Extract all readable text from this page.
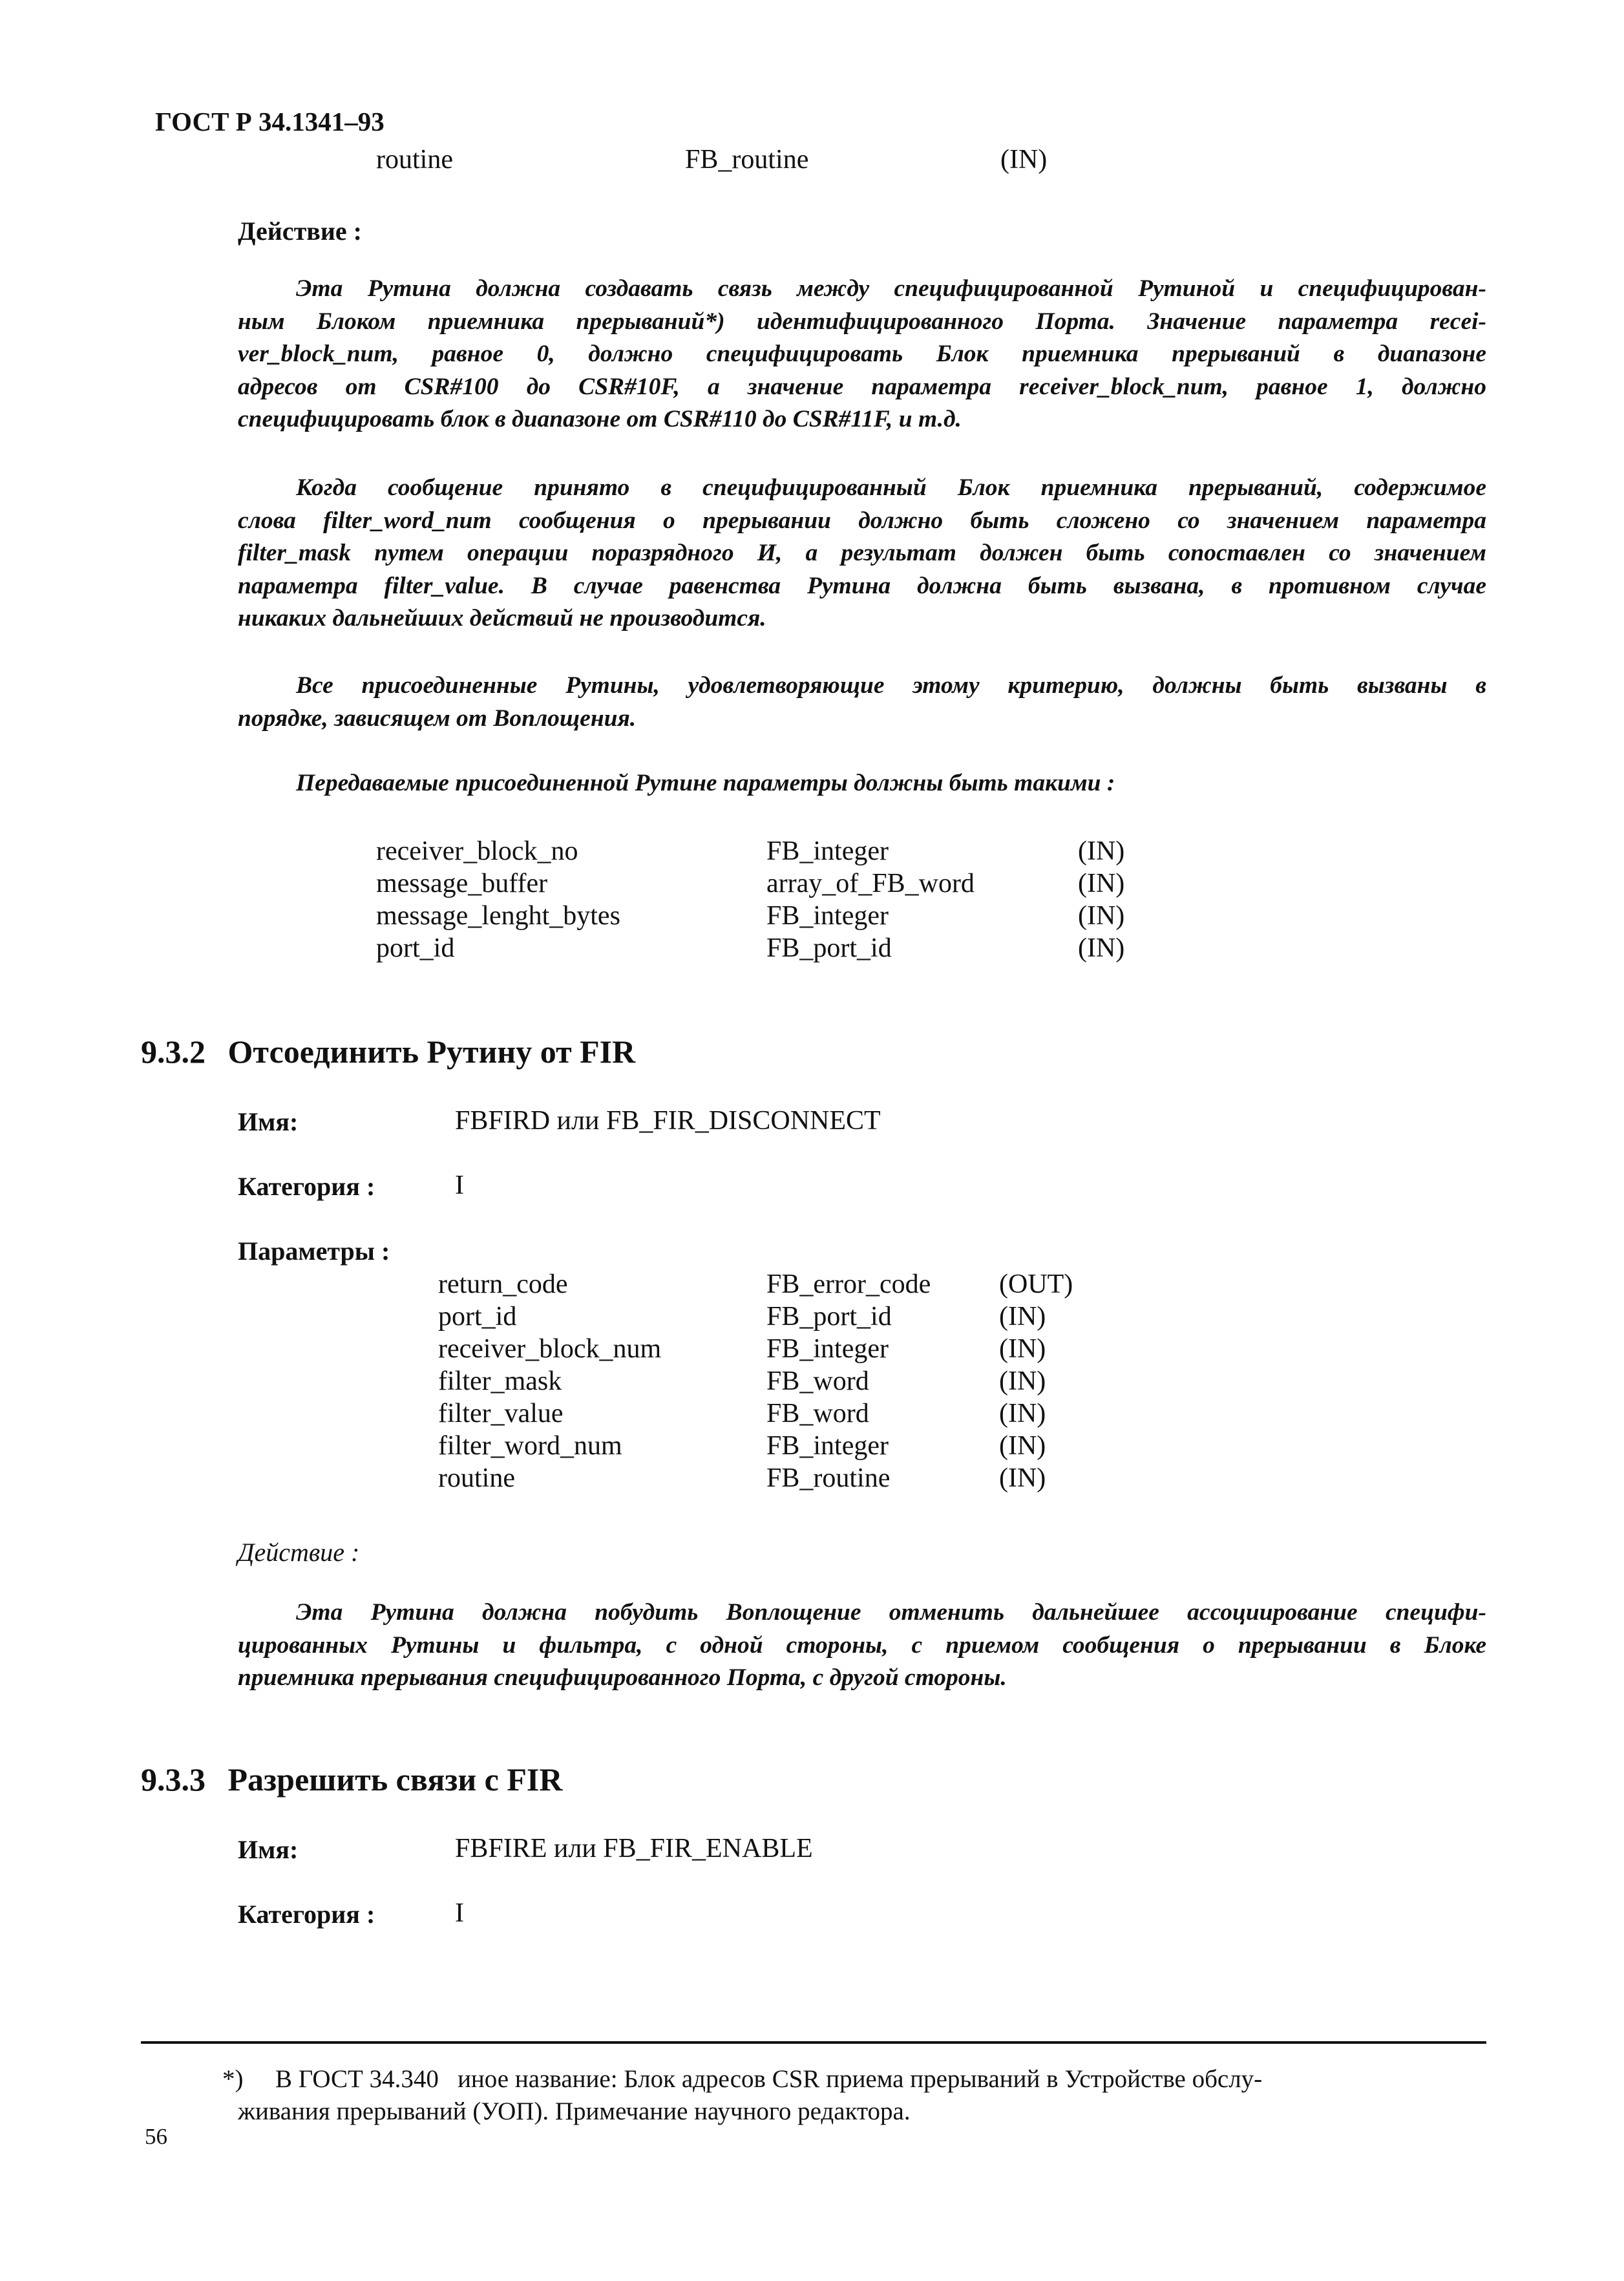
ГОСТ Р 34.1341–93
routine	FB_routine	(IN)
Действие :
Эта Рутина должна создавать связь между специфицированной Рутиной и специфицирован-
ным Блоком приемника прерываний*) идентифицированного Порта. Значение параметра recei-
ver_block_num, равное 0, должно специфицировать Блок приемника прерываний в диапазоне
адресов от CSR#100 до CSR#10F, а значение параметра receiver_block_num, равное 1, должно
специфицировать блок в диапазоне от CSR#110 до CSR#11F, и т.д.
Когда сообщение принято в специфицированный Блок приемника прерываний, содержимое
слова filter_word_num сообщения о прерывании должно быть сложено со значением параметра
filter_mask путем операции поразрядного И, а результат должен быть сопоставлен со значением
параметра filter_value. В случае равенства Рутина должна быть вызвана, в противном случае
никаких дальнейших действий не производится.
Все присоединенные Рутины, удовлетворяющие этому критерию, должны быть вызваны в
порядке, зависящем от Воплощения.
Передаваемые присоединенной Рутине параметры должны быть такими :
receiver_block_no	FB_integer	(IN)
message_buffer	array_of_FB_word	(IN)
message_lenght_bytes	FB_integer	(IN)
port_id	FB_port_id	(IN)
9.3.2 Отсоединить Рутину от FIR
Имя:	FBFIRD или FB_FIR_DISCONNECT
Категория :	I
Параметры :
return_code	FB_error_code	(OUT)
port_id	FB_port_id	(IN)
receiver_block_num	FB_integer	(IN)
filter_mask	FB_word	(IN)
filter_value	FB_word	(IN)
filter_word_num	FB_integer	(IN)
routine	FB_routine	(IN)
Действие :
Эта Рутина должна побудить Воплощение отменить дальнейшее ассоциирование специфи-
цированных Рутины и фильтра, с одной стороны, с приемом сообщения о прерывании в Блоке
приемника прерывания специфицированного Порта, с другой стороны.
9.3.3 Разрешить связи с FIR
Имя:	FBFIRE или FB_FIR_ENABLE
Категория :	I
*) В ГОСТ 34.340   иное название: Блок адресов CSR приема прерываний в Устройстве обслу-
живания прерываний (УОП). Примечание научного редактора.
56
